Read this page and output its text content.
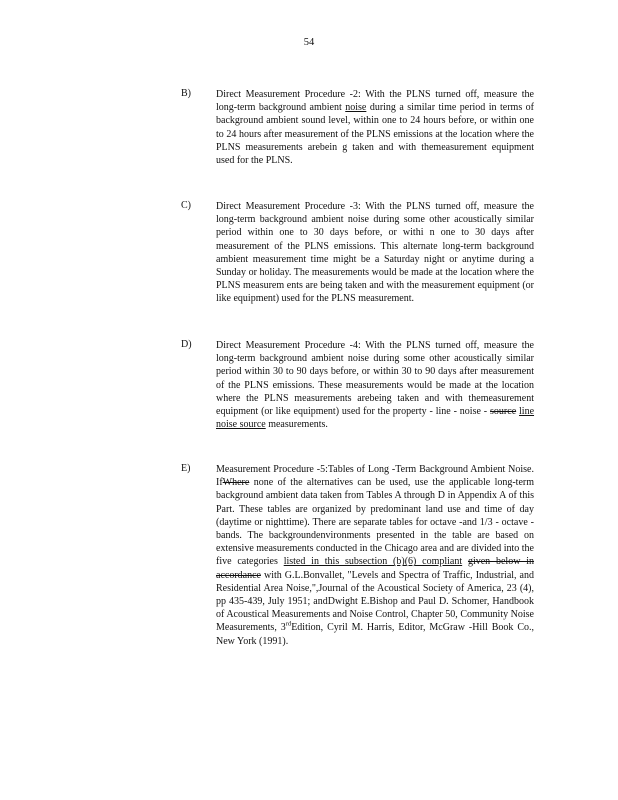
54
B)	Direct Measurement Procedure -2: With the PLNS turned off, measure the long-term background ambient noise during a similar time period in terms of background ambient sound level, within one to 24 hours before, or within one to 24 hours after measurement of the PLNS emissions at the location where the PLNS measurements arebein g taken and with themeasurement equipment used for the PLNS.
C)	Direct Measurement Procedure -3: With the PLNS turned off, measure the long-term background ambient noise during some other acoustically similar period within one to 30 days before, or withi n one to 30 days after measurement of the PLNS emissions. This alternate long-term background ambient measurement time might be a Saturday night or anytime during a Sunday or holiday. The measurements would be made at the location where the PLNS measurem ents are being taken and with the measurement equipment (or like equipment) used for the PLNS measurement.
D) Direct Measurement Procedure -4: With the PLNS turned off, measure the long-term background ambient noise during some other acoustically similar period within 30 to 90 days before, or within 30 to 90 days after measurement of the PLNS emissions. These measurements would be made at the location where the PLNS measurements arebeing taken and with themeasurement equipment (or like equipment) used for the property - line - noise - source line noise source measurements.
E)	Measurement Procedure -5:Tables of Long -Term Background Ambient Noise. IfWhere none of the alternatives can be used, use the applicable long-term background ambient data taken from Tables A through D in Appendix A of this Part. These tables are organized by predominant land use and time of day (daytime or nighttime). There are separate tables for octave -and 1/3 - octave - bands. The backgroundenvironments presented in the table are based on extensive measurements conducted in the Chicago area and are divided into the five categories listed in this subsection (b)(6) compliant given below in accordance with G.L.Bonvallet, "Levels and Spectra of Traffic, Industrial, and Residential Area Noise,",Journal of the Acoustical Society of America, 23 (4), pp 435-439, July 1951; andDwight E.Bishop and Paul D. Schomer, Handbook of Acoustical Measurements and Noise Control, Chapter 50, Community Noise Measurements, 3rdEdition, Cyril M. Harris, Editor, McGraw -Hill Book Co., New York (1991).
